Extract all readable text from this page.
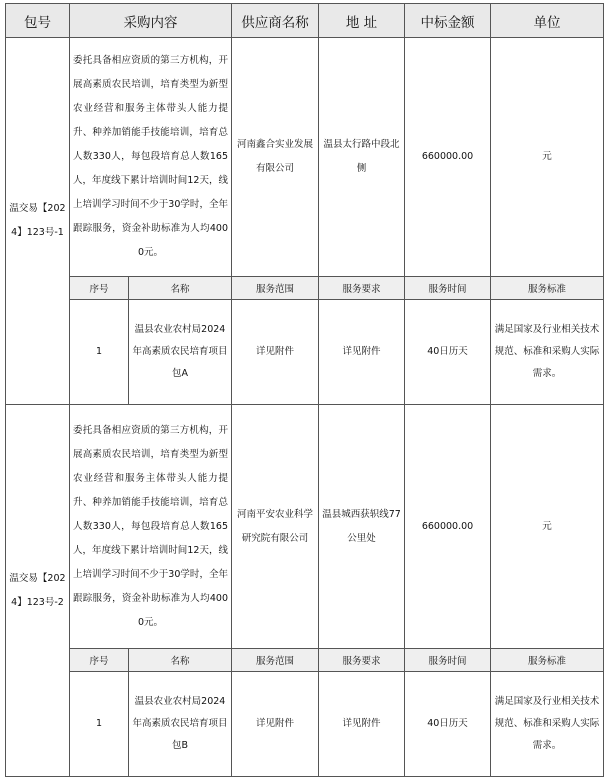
包号	采购内容		供应商名称	地 址	中标金额	单位
温交易【2024】123号-1	委托具备相应资质的第三方机构，开展高素质农民培训，培育类型为新型农业经营和服务主体带头人能力提升、种养加销能手技能培训，培育总人数330人，每包段培育总人数165人，年度线下累计培训时间12天，线上培训学习时间不少于30学时，全年跟踪服务，资金补助标准为人均4000元。		河南鑫合实业发展有限公司	温县太行路中段北侧	660000.00	元
	序号	名称	服务范围	服务要求	服务时间	服务标准
	1	温县农业农村局2024年高素质农民培育项目包A	详见附件	详见附件	40日历天	满足国家及行业相关技术规范、标准和采购人实际需求。
温交易【2024】123号-2	委托具备相应资质的第三方机构，开展高素质农民培训，培育类型为新型农业经营和服务主体带头人能力提升、种养加销能手技能培训，培育总人数330人，每包段培育总人数165人，年度线下累计培训时间12天，线上培训学习时间不少于30学时，全年跟踪服务，资金补助标准为人均4000元。		河南平安农业科学研究院有限公司	温县城西获轵线77公里处	660000.00	元
	序号	名称	服务范围	服务要求	服务时间	服务标准
	1	温县农业农村局2024年高素质农民培育项目包B	详见附件	详见附件	40日历天	满足国家及行业相关技术规范、标准和采购人实际需求。
